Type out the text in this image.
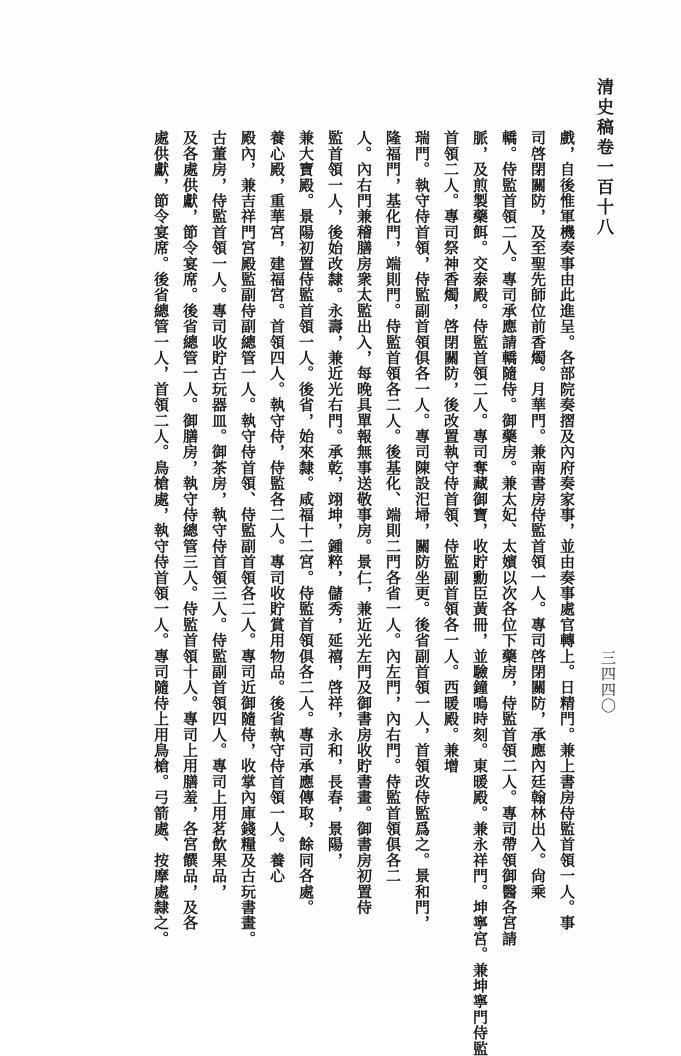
清史稿卷一百十八
三四四〇
戲，自後惟軍機奏事由此進呈。各部院奏摺及內府奏家事，並由奏事處官轉上。日精門。兼上書房侍監首領一人。事
司啓閉關防，及至聖先師位前香燭。月華門。兼南書房侍監首領一人。專司啓閉關防，承應內廷翰林出入。尙乘
轎。侍監首領二人。專司承應請轎隨侍。御藥房。兼太妃、太嬪以次各位下藥房，侍監首領二人。專司帶領御醫各宮請
脈，及煎製藥餌。交泰殿。侍監首領二人。專司奪藏御寶，收貯勳臣黃冊，並驗鐘鳴時刻。東暖殿。兼永祥門。坤寧宮。兼坤寧門侍監
首領二人。專司祭神香燭，啓閉關防，後改置執守侍首領、侍監副首領各一人。西暖殿。兼增
瑞門。執守侍首領，侍監副首領俱各一人。專司陳設汜埽，關防坐更。後省副首領一人，首領改侍監爲之。景和門，
隆福門，基化門，端則門。侍監首領各二人。後基化、端則二門各省一人。內左門，內右門。侍監首領俱各二
人。內右門兼稽膳房衆太監出入，每晚具單報無事送敬事房。景仁，兼近光左門及御書房收貯書畫。御書房初置侍
監首領一人，後始改隸。永壽，兼近光右門。承乾，翊坤，鍾粹，儲秀，延禧，啓祥，永和，長春，景陽，
兼大寶殿。景陽初置侍監首領一人。後省，始來隸。咸福十二宮。侍監首領俱各二人。專司承應傳取，餘同各處。
養心殿，重華宮，建福宮。首領四人。執守侍，侍監各二人。專司收貯賞用物品。後省執守侍首領一人。養心
殿內，兼吉祥門宮殿監副侍副總管一人。執守侍首領、侍監副首領各二人。專司近御隨侍，收掌內庫錢糧及古玩書畫。
古董房，侍監首領一人。專司收貯古玩器皿。御茶房，執守侍首領三人。侍監副首領四人。專司上用茗飲果品，
及各處供獻，節令宴席。後省總管一人。御膳房，執守侍總管三人。侍監首領十人。專司上用膳羞，各宮饌品，及各
處供獻，節令宴席。後省總管一人，首領二人。鳥槍處，執守侍首領一人。專司隨侍上用鳥槍。弓箭處、按摩處隸之。
